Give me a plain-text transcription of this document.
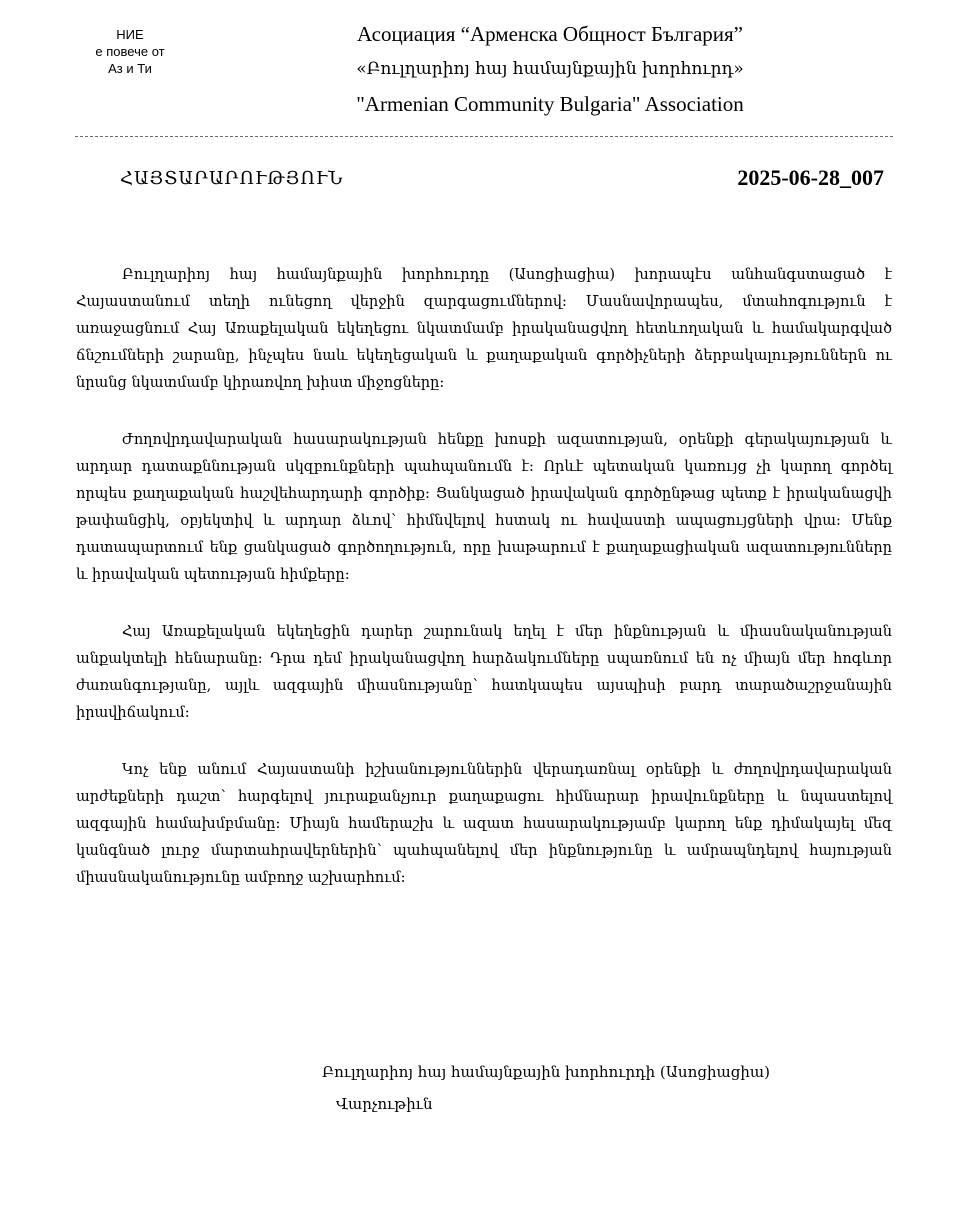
НИЕ
е повече от
Аз и Ти
Асоциация “Арменска Общност България”
«Բուլղարիոյ հայ համայնքային խորհուրդ»
"Armenian Community Bulgaria" Association
ՀԱՅՏԱՐԱՐՈՒԹՅՈՒՆ	2025-06-28_007

Բուլղարիոյ հայ համայնքային խորհուրդը (Ասոցիացիա) խորապէս անհանգստացած է Հայաստանում տեղի ունեցող վերջին զարգացումներով։ Մասնավորապես, մտահոգություն է առաջացնում Հայ Առաքելական եկեղեցու նկատմամբ իրականացվող հետևողական և համակարգված ճնշումների շարանը, ինչպես նաև եկեղեցական և քաղաքական գործիչների ձերբակալություններն ու նրանց նկատմամբ կիրառվող խիստ միջոցները։

Ժողովրդավարական հասարակության հենքը խոսքի ազատության, օրենքի գերակայության և արդար դատաքննության սկզբունքների պահպանումն է։ Որևէ պետական կառույց չի կարող գործել որպես քաղաքական հաշվեհարդարի գործիք։ Ցանկացած իրավական գործընթաց պետք է իրականացվի թափանցիկ, օբյեկտիվ և արդար ձևով՝ հիմնվելով հստակ ու հավաստի ապացույցների վրա։ Մենք դատապարտում ենք ցանկացած գործողություն, որը խաթարում է քաղաքացիական ազատությունները և իրավական պետության հիմքերը։

Հայ Առաքելական եկեղեցին դարեր շարունակ եղել է մեր ինքնության և միասնականության անքակտելի հենարանը։ Դրա դեմ իրականացվող հարձակումները սպառնում են ոչ միայն մեր հոգևոր ժառանգությանը, այլև ազգային միասնությանը՝ հատկապես այսպիսի բարդ տարածաշրջանային իրավիճակում։

Կոչ ենք անում Հայաստանի իշխանություններին վերադառնալ օրենքի և ժողովրդավարական արժեքների դաշտ՝ հարգելով յուրաքանչյուր քաղաքացու հիմնարար իրավունքները և նպաստելով ազգային համախմբմանը։ Միայն համերաշխ և ազատ հասարակությամբ կարող ենք դիմակայել մեզ կանգնած լուրջ մարտահրավերներին՝ պահպանելով մեր ինքնությունը և ամրապնդելով հայության միասնականությունը ամբողջ աշխարհում։

Բուլղարիոյ հայ համայնքային խորհուրդի (Ասոցիացիա)
Վարչութիւն
